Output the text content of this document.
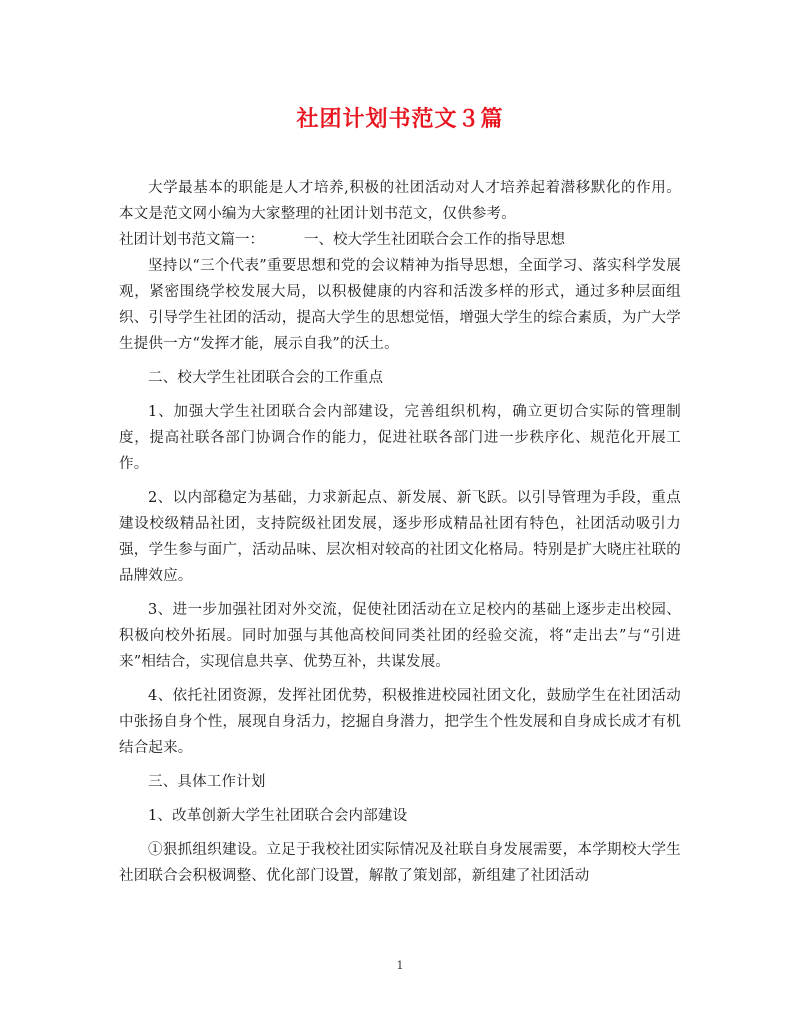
社团计划书范文３篇

大学最基本的职能是人才培养,积极的社团活动对人才培养起着潜移默化的作用。本文是范文网小编为大家整理的社团计划书范文，仅供参考。

社团计划书范文篇一：	一、校大学生社团联合会工作的指导思想

坚持以“三个代表”重要思想和党的会议精神为指导思想，全面学习、落实科学发展观，紧密围绕学校发展大局，以积极健康的内容和活泼多样的形式，通过多种层面组织、引导学生社团的活动，提高大学生的思想觉悟，增强大学生的综合素质，为广大学生提供一方“发挥才能，展示自我”的沃土。

二、校大学生社团联合会的工作重点

1、加强大学生社团联合会内部建设，完善组织机构，确立更切合实际的管理制度，提高社联各部门协调合作的能力，促进社联各部门进一步秩序化、规范化开展工作。

2、以内部稳定为基础，力求新起点、新发展、新飞跃。以引导管理为手段，重点建设校级精品社团，支持院级社团发展，逐步形成精品社团有特色，社团活动吸引力强，学生参与面广，活动品味、层次相对较高的社团文化格局。特别是扩大晓庄社联的品牌效应。

3、进一步加强社团对外交流，促使社团活动在立足校内的基础上逐步走出校园、积极向校外拓展。同时加强与其他高校间同类社团的经验交流，将“走出去”与“引进来”相结合，实现信息共享、优势互补，共谋发展。

4、依托社团资源，发挥社团优势，积极推进校园社团文化，鼓励学生在社团活动中张扬自身个性，展现自身活力，挖掘自身潜力，把学生个性发展和自身成长成才有机结合起来。

三、具体工作计划

1、改革创新大学生社团联合会内部建设

①狠抓组织建设。立足于我校社团实际情况及社联自身发展需要，本学期校大学生社团联合会积极调整、优化部门设置，解散了策划部，新组建了社团活动

1
